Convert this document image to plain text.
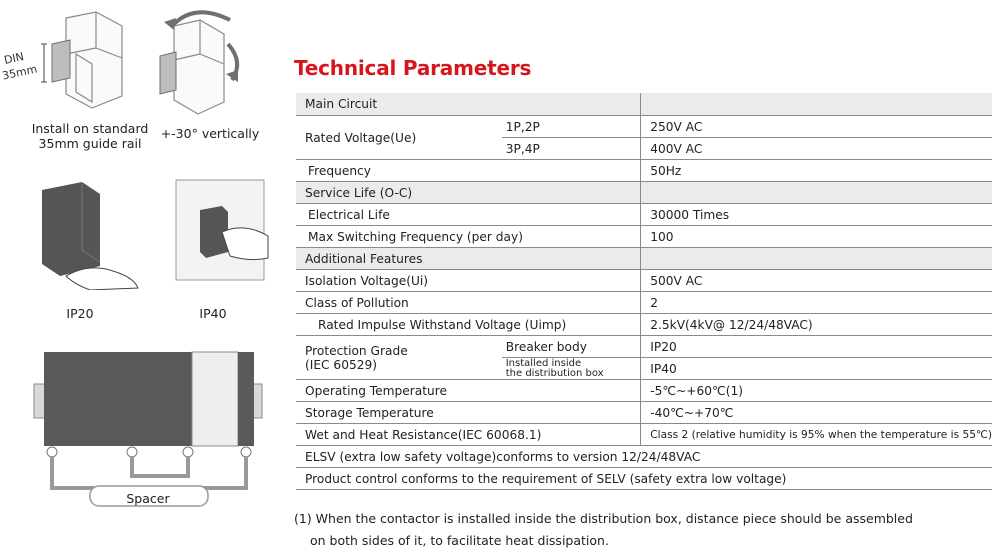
DIN
35mm
Install on standard
35mm guide rail
+-30° vertically
IP20	IP40
Spacer
Technical Parameters
Main Circuit		
Rated Voltage(Ue)	1P,2P	250V AC
	3P,4P	400V AC
Frequency		50Hz
Service Life (O-C)		
Electrical Life		30000 Times
Max Switching Frequency (per day)		100
Additional Features		
Isolation Voltage(Ui)		500V AC
Class of Pollution		2
Rated Impulse Withstand Voltage (Uimp)		2.5kV(4kV@ 12/24/48VAC)

Protection Grade
(IEC 60529)	Breaker body	IP20

	Installed inside
the distribution box	IP40
Operating Temperature		-5℃~+60℃(1)
Storage Temperature		-40℃~+70℃
Wet and Heat Resistance(IEC 60068.1)		Class 2 (relative humidity is 95% when the temperature is 55℃)
ELSV (extra low safety voltage)conforms to version 12/24/48VAC		
Product control conforms to the requirement of SELV (safety extra low voltage)		
(1) When the contactor is installed inside the distribution box, distance piece should be assembled
on both sides of it, to facilitate heat dissipation.
